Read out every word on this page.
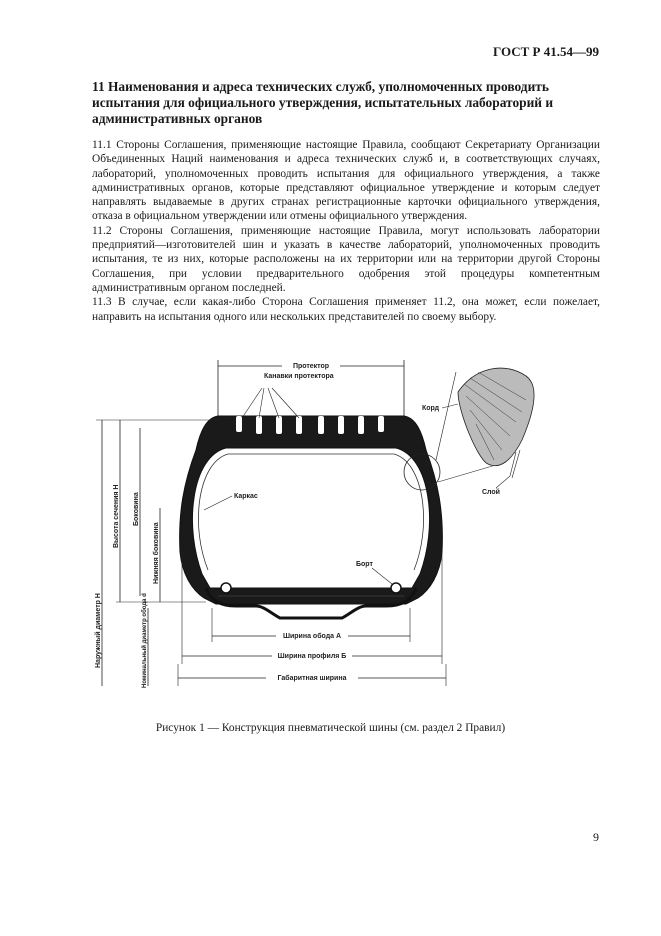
ГОСТ Р 41.54—99
11 Наименования и адреса технических служб, уполномоченных проводить испытания для официального утверждения, испытательных лабораторий и административных органов

11.1 Стороны Соглашения, применяющие настоящие Правила, сообщают Секретариату Организации Объединенных Наций наименования и адреса технических служб и, в соответствующих случаях, лабораторий, уполномоченных проводить испытания для официального утверждения, а также административных органов, которые представляют официальное утверждение и которым следует направлять выдаваемые в других странах регистрационные карточки официального утверждения, отказа в официальном утверждении или отмены официального утверждения.

11.2 Стороны Соглашения, применяющие настоящие Правила, могут использовать лаборатории предприятий—изготовителей шин и указать в качестве лабораторий, уполномоченных проводить испытания, те из них, которые расположены на их территории или на территории другой Стороны Соглашения, при условии предварительного одобрения этой процедуры компетентным административным органом последней.

11.3 В случае, если какая-либо Сторона Соглашения применяет 11.2, она может, если пожелает, направить на испытания одного или нескольких представителей по своему выбору.

Протектор
Канавки протектора
Корд
Слой
Каркас
Борт
Наружный диаметр Н
Высота сечения Н Боковина
Нижняя боковина
Номинальный диаметр обода d	Ширина обода А
Ширина профиля Б
Габаритная ширина
Рисунок 1 — Конструкция пневматической шины (см. раздел 2 Правил)
9
